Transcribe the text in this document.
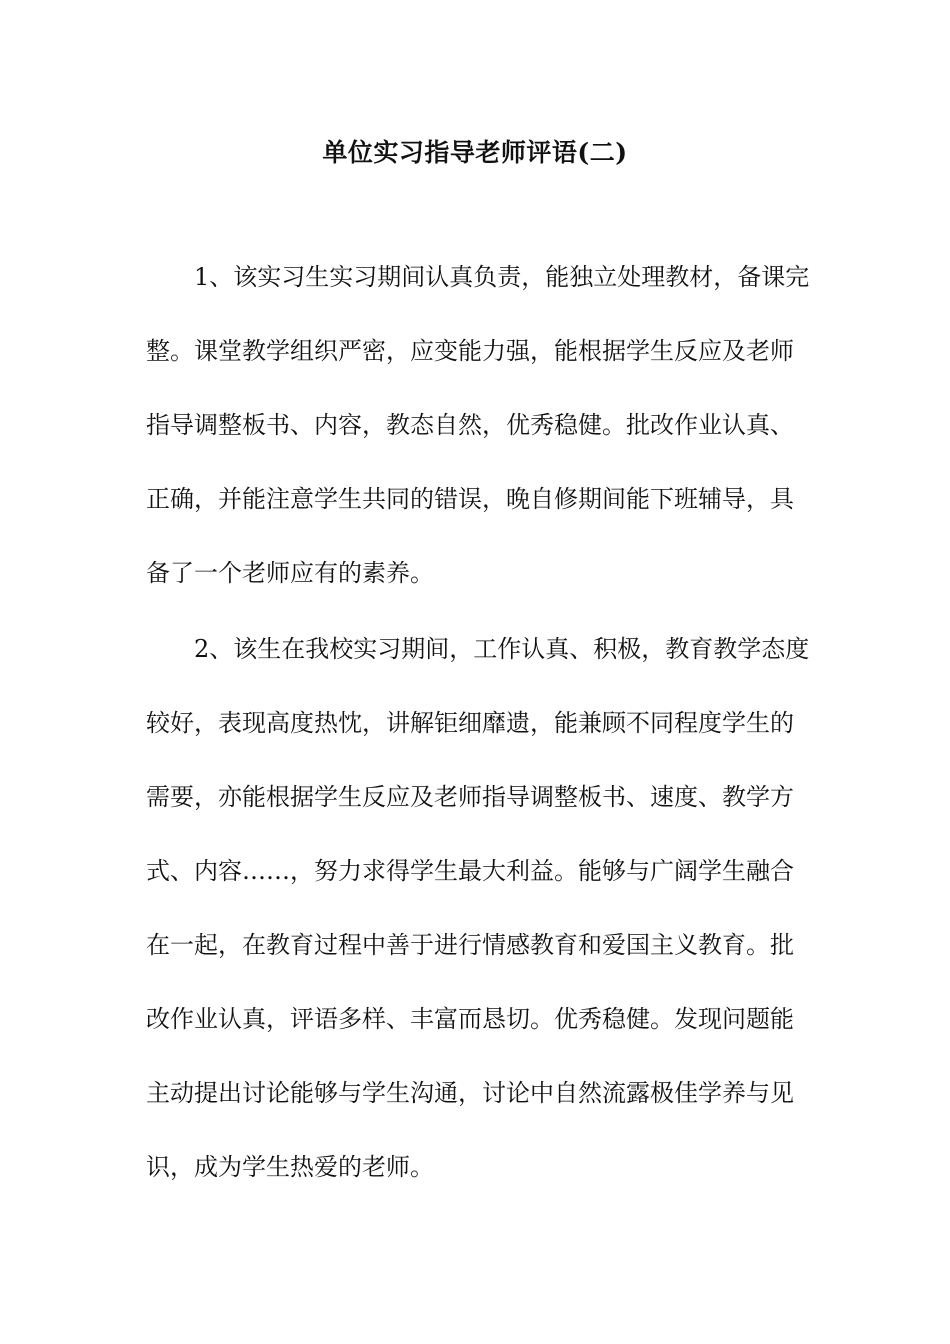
单位实习指导老师评语(二)
1、该实习生实习期间认真负责，能独立处理教材，备课完
整。课堂教学组织严密，应变能力强，能根据学生反应及老师
指导调整板书、内容，教态自然，优秀稳健。批改作业认真、
正确，并能注意学生共同的错误，晚自修期间能下班辅导，具
备了一个老师应有的素养。
2、该生在我校实习期间，工作认真、积极，教育教学态度
较好，表现高度热忱，讲解钜细靡遗，能兼顾不同程度学生的
需要，亦能根据学生反应及老师指导调整板书、速度、教学方
式、内容……，努力求得学生最大利益。能够与广阔学生融合
在一起，在教育过程中善于进行情感教育和爱国主义教育。批
改作业认真，评语多样、丰富而恳切。优秀稳健。发现问题能
主动提出讨论能够与学生沟通，讨论中自然流露极佳学养与见
识，成为学生热爱的老师。
